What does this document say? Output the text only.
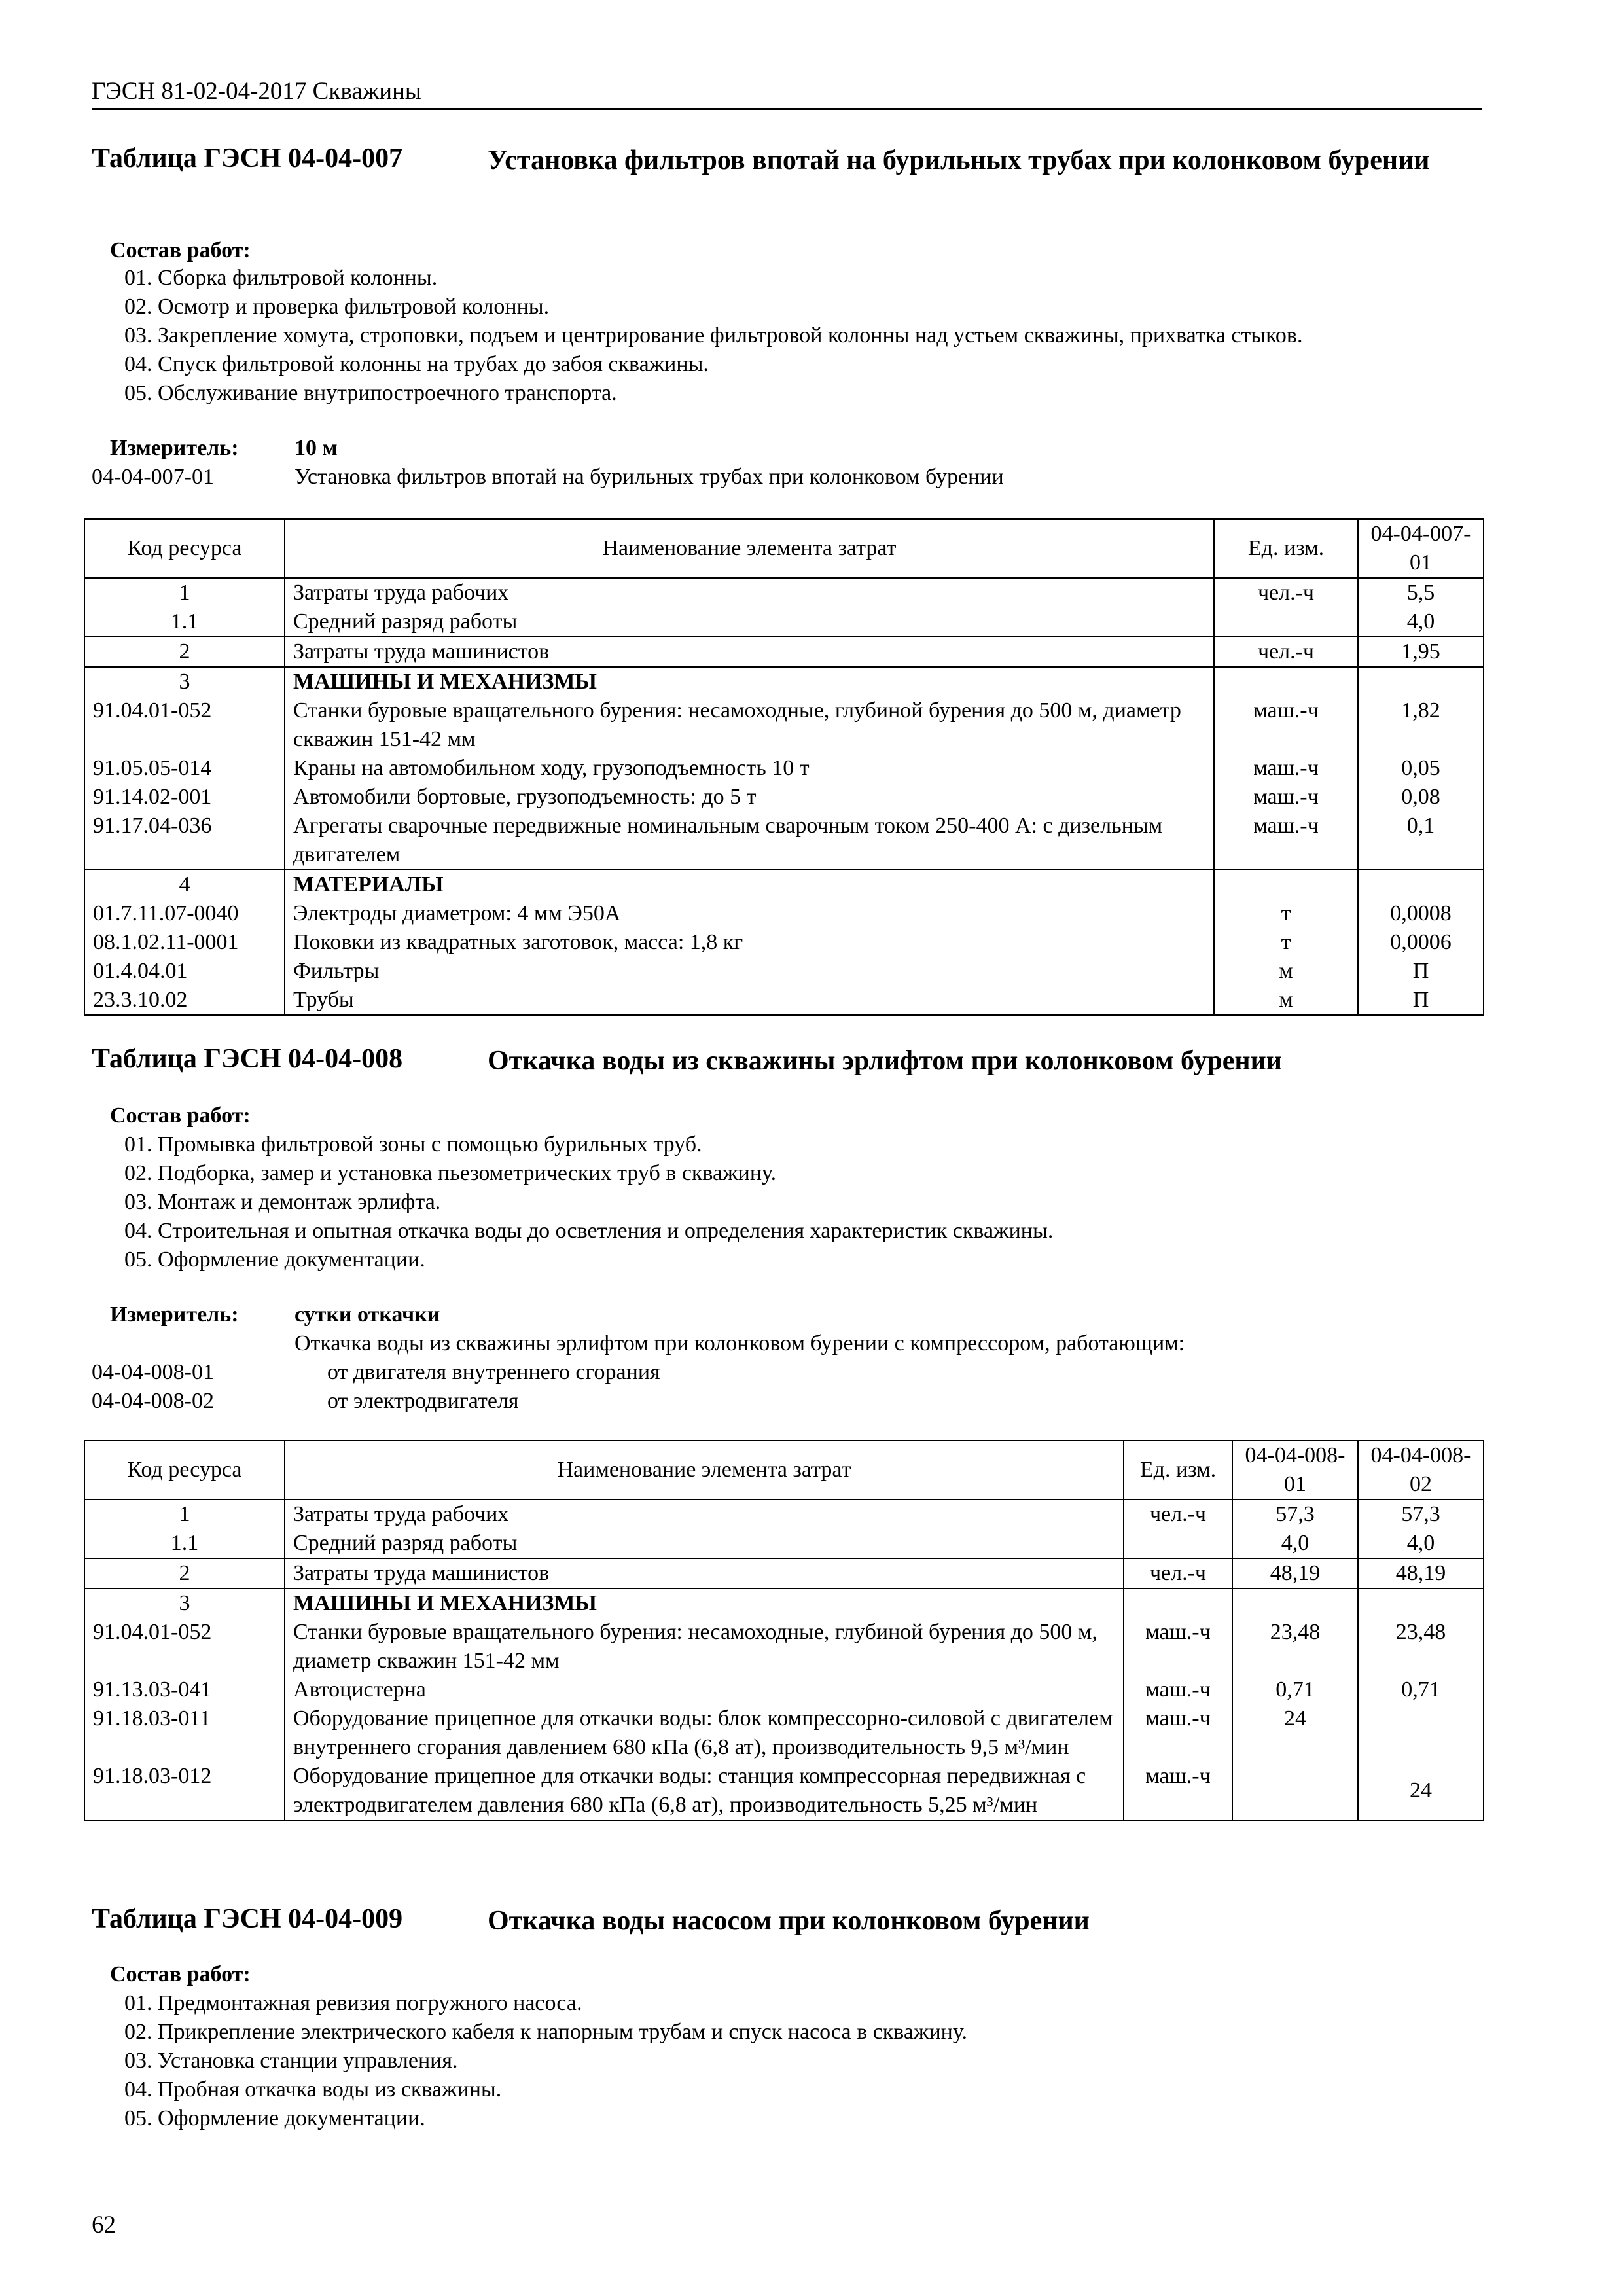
ГЭСН 81-02-04-2017 Скважины
Таблица ГЭСН 04-04-007	Установка фильтров впотай на бурильных трубах при колонковом бурении
Состав работ:
01. Сборка фильтровой колонны.
02. Осмотр и проверка фильтровой колонны.
03. Закрепление хомута, строповки, подъем и центрирование фильтровой колонны над устьем скважины, прихватка стыков.
04. Спуск фильтровой колонны на трубах до забоя скважины.
05. Обслуживание внутрипостроечного транспорта.
Измеритель:	10 м
04-04-007-01	Установка фильтров впотай на бурильных трубах при колонковом бурении
Код ресурса	Наименование элемента затрат	Ед. изм.	04-04-007-01
1	Затраты труда рабочих	чел.-ч	5,5
1.1	Средний разряд работы		4,0
2	Затраты труда машинистов	чел.-ч	1,95
3	МАШИНЫ И МЕХАНИЗМЫ		
91.04.01-052	Станки буровые вращательного бурения: несамоходные, глубиной бурения до 500 м, диаметр скважин 151-42 мм	маш.-ч	1,82
91.05.05-014	Краны на автомобильном ходу, грузоподъемность 10 т	маш.-ч	0,05
91.14.02-001	Автомобили бортовые, грузоподъемность: до 5 т	маш.-ч	0,08
91.17.04-036	Агрегаты сварочные передвижные номинальным сварочным током 250-400 А: с дизельным двигателем	маш.-ч	0,1
4	МАТЕРИАЛЫ		
01.7.11.07-0040	Электроды диаметром: 4 мм Э50А	т	0,0008
08.1.02.11-0001	Поковки из квадратных заготовок, масса: 1,8 кг	т	0,0006
01.4.04.01	Фильтры	м	П
23.3.10.02	Трубы	м	П
Таблица ГЭСН 04-04-008	Откачка воды из скважины эрлифтом при колонковом бурении
Состав работ:
01. Промывка фильтровой зоны с помощью бурильных труб.
02. Подборка, замер и установка пьезометрических труб в скважину.
03. Монтаж и демонтаж эрлифта.
04. Строительная и опытная откачка воды до осветления и определения характеристик скважины.
05. Оформление документации.
Измеритель:	сутки откачки
Откачка воды из скважины эрлифтом при колонковом бурении с компрессором, работающим:
04-04-008-01	от двигателя внутреннего сгорания
04-04-008-02	от электродвигателя
Код ресурса	Наименование элемента затрат	Ед. изм.	04-04-008-01	04-04-008-02
1	Затраты труда рабочих	чел.-ч	57,3	57,3
1.1	Средний разряд работы		4,0	4,0
2	Затраты труда машинистов	чел.-ч	48,19	48,19
3	МАШИНЫ И МЕХАНИЗМЫ			
91.04.01-052	Станки буровые вращательного бурения: несамоходные, глубиной бурения до 500 м, диаметр скважин 151-42 мм	маш.-ч	23,48	23,48
91.13.03-041	Автоцистерна	маш.-ч	0,71	0,71
91.18.03-011	Оборудование прицепное для откачки воды: блок компрессорно-силовой с двигателем внутреннего сгорания давлением 680 кПа (6,8 ат), производительность 9,5 м³/мин	маш.-ч	24	
91.18.03-012	Оборудование прицепное для откачки воды: станция компрессорная передвижная с электродвигателем давления 680 кПа (6,8 ат), производительность 5,25 м³/мин	маш.-ч		24
Таблица ГЭСН 04-04-009	Откачка воды насосом при колонковом бурении
Состав работ:
01. Предмонтажная ревизия погружного насоса.
02. Прикрепление электрического кабеля к напорным трубам и спуск насоса в скважину.
03. Установка станции управления.
04. Пробная откачка воды из скважины.
05. Оформление документации.
62
